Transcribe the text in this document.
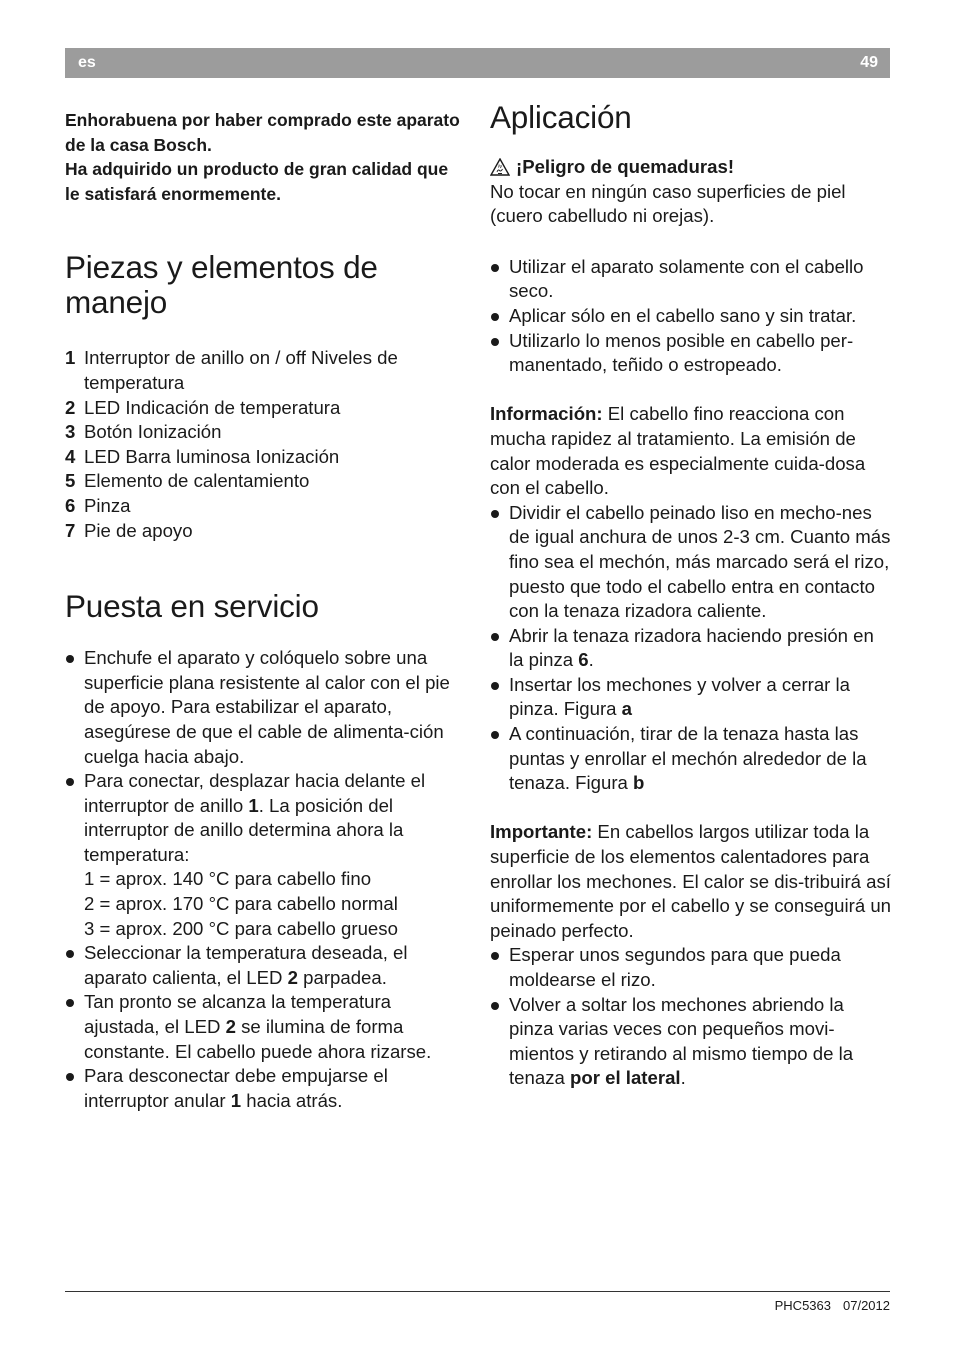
es	49

Enhorabuena por haber comprado este aparato de la casa Bosch.

Ha adquirido un producto de gran calidad que le satisfará enormemente.

Piezas y elementos de manejo
1 Interruptor de anillo on / off Niveles de temperatura
2 LED Indicación de temperatura
3 Botón Ionización
4 LED Barra luminosa Ionización
5 Elemento de calentamiento
6 Pinza
7 Pie de apoyo
Puesta en servicio
Enchufe el aparato y colóquelo sobre una superficie plana resistente al calor con el pie de apoyo. Para estabilizar el aparato, asegúrese de que el cable de alimenta-ción cuelga hacia abajo.
Para conectar, desplazar hacia delante el interruptor de anillo 1. La posición del interruptor de anillo determina ahora la temperatura:

1 = aprox. 140 °C para cabello fino

2 = aprox. 170 °C para cabello normal

3 = aprox. 200 °C para cabello grueso

Seleccionar la temperatura deseada, el aparato calienta, el LED 2 parpadea.
Tan pronto se alcanza la temperatura ajustada, el LED 2 se ilumina de forma constante. El cabello puede ahora rizarse.
Para desconectar debe empujarse el interruptor anular 1 hacia atrás.
Aplicación
¡Peligro de quemaduras!

No tocar en ningún caso superficies de piel (cuero cabelludo ni orejas).

Utilizar el aparato solamente con el cabello seco.
Aplicar sólo en el cabello sano y sin tratar.
Utilizarlo lo menos posible en cabello per-manentado, teñido o estropeado.

Información: El cabello fino reacciona con mucha rapidez al tratamiento. La emisión de calor moderada es especialmente cuida-dosa con el cabello.

Dividir el cabello peinado liso en mecho-nes de igual anchura de unos 2-3 cm. Cuanto más fino sea el mechón, más marcado será el rizo, puesto que todo el cabello entra en contacto con la tenaza rizadora caliente.
Abrir la tenaza rizadora haciendo presión en la pinza 6.
Insertar los mechones y volver a cerrar la pinza. Figura a
A continuación, tirar de la tenaza hasta las puntas y enrollar el mechón alrededor de la tenaza. Figura b

Importante: En cabellos largos utilizar toda la superficie de los elementos calentadores para enrollar los mechones. El calor se dis-tribuirá así uniformemente por el cabello y se conseguirá un peinado perfecto.

Esperar unos segundos para que pueda moldearse el rizo.
Volver a soltar los mechones abriendo la pinza varias veces con pequeños movi-mientos y retirando al mismo tiempo de la tenaza por el lateral.
PHC5363 07/2012
